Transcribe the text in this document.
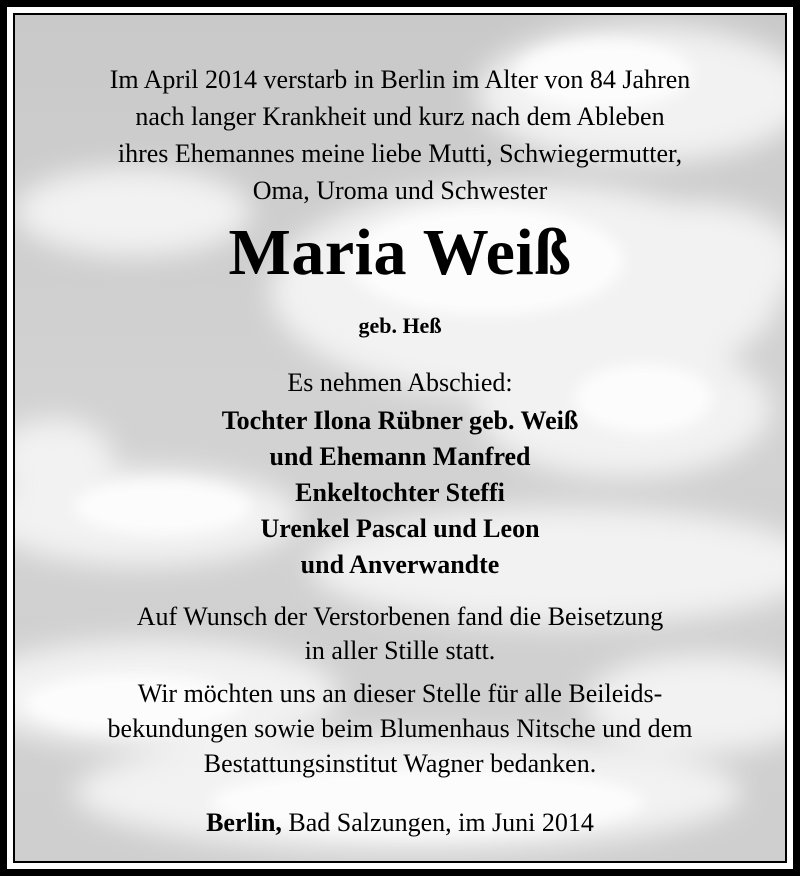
Im April 2014 verstarb in Berlin im Alter von 84 Jahren
nach langer Krankheit und kurz nach dem Ableben
ihres Ehemannes meine liebe Mutti, Schwiegermutter,
Oma, Uroma und Schwester
Maria Weiß
geb. Heß
Es nehmen Abschied:
Tochter Ilona Rübner geb. Weiß
und Ehemann Manfred
Enkeltochter Steffi
Urenkel Pascal und Leon
und Anverwandte
Auf Wunsch der Verstorbenen fand die Beisetzung
in aller Stille statt.
Wir möchten uns an dieser Stelle für alle Beileids-
bekundungen sowie beim Blumenhaus Nitsche und dem
Bestattungsinstitut Wagner bedanken.
Berlin, Bad Salzungen, im Juni 2014
